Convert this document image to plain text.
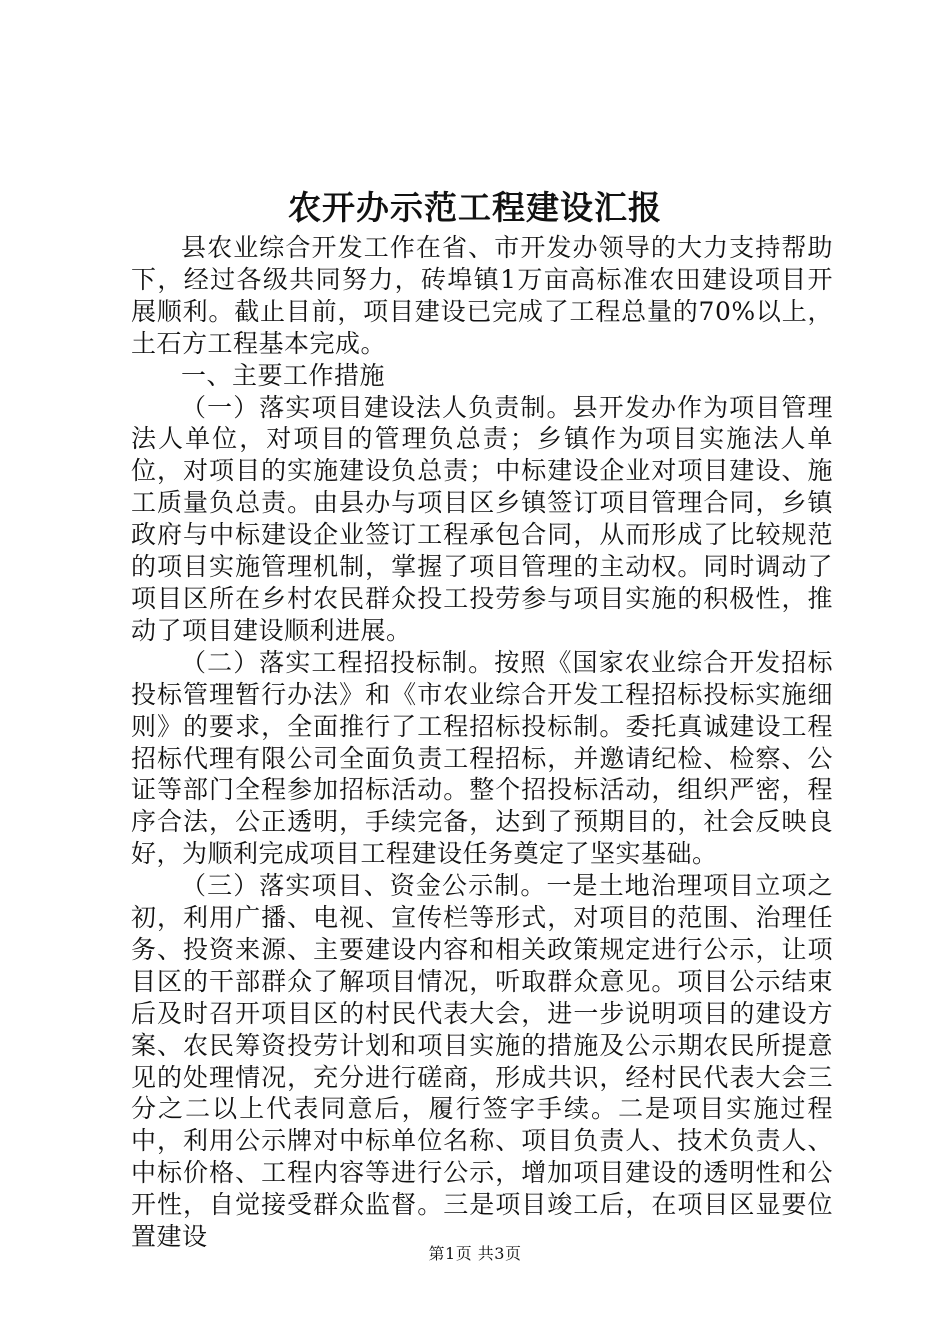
农开办示范工程建设汇报

县农业综合开发工作在省、市开发办领导的大力支持帮助下，经过各级共同努力，砖埠镇1万亩高标准农田建设项目开展顺利。截止目前，项目建设已完成了工程总量的70%以上，土石方工程基本完成。

一、主要工作措施

（一）落实项目建设法人负责制。县开发办作为项目管理法人单位，对项目的管理负总责；乡镇作为项目实施法人单位，对项目的实施建设负总责；中标建设企业对项目建设、施工质量负总责。由县办与项目区乡镇签订项目管理合同，乡镇政府与中标建设企业签订工程承包合同，从而形成了比较规范的项目实施管理机制，掌握了项目管理的主动权。同时调动了项目区所在乡村农民群众投工投劳参与项目实施的积极性，推动了项目建设顺利进展。

（二）落实工程招投标制。按照《国家农业综合开发招标投标管理暂行办法》和《市农业综合开发工程招标投标实施细则》的要求，全面推行了工程招标投标制。委托真诚建设工程招标代理有限公司全面负责工程招标，并邀请纪检、检察、公证等部门全程参加招标活动。整个招投标活动，组织严密，程序合法，公正透明，手续完备，达到了预期目的，社会反映良好，为顺利完成项目工程建设任务奠定了坚实基础。

（三）落实项目、资金公示制。一是土地治理项目立项之初，利用广播、电视、宣传栏等形式，对项目的范围、治理任务、投资来源、主要建设内容和相关政策规定进行公示，让项目区的干部群众了解项目情况，听取群众意见。项目公示结束后及时召开项目区的村民代表大会，进一步说明项目的建设方案、农民筹资投劳计划和项目实施的措施及公示期农民所提意见的处理情况，充分进行磋商，形成共识，经村民代表大会三分之二以上代表同意后，履行签字手续。二是项目实施过程中，利用公示牌对中标单位名称、项目负责人、技术负责人、中标价格、工程内容等进行公示，增加项目建设的透明性和公开性，自觉接受群众监督。三是项目竣工后，在项目区显要位置建设

第1页 共3页
